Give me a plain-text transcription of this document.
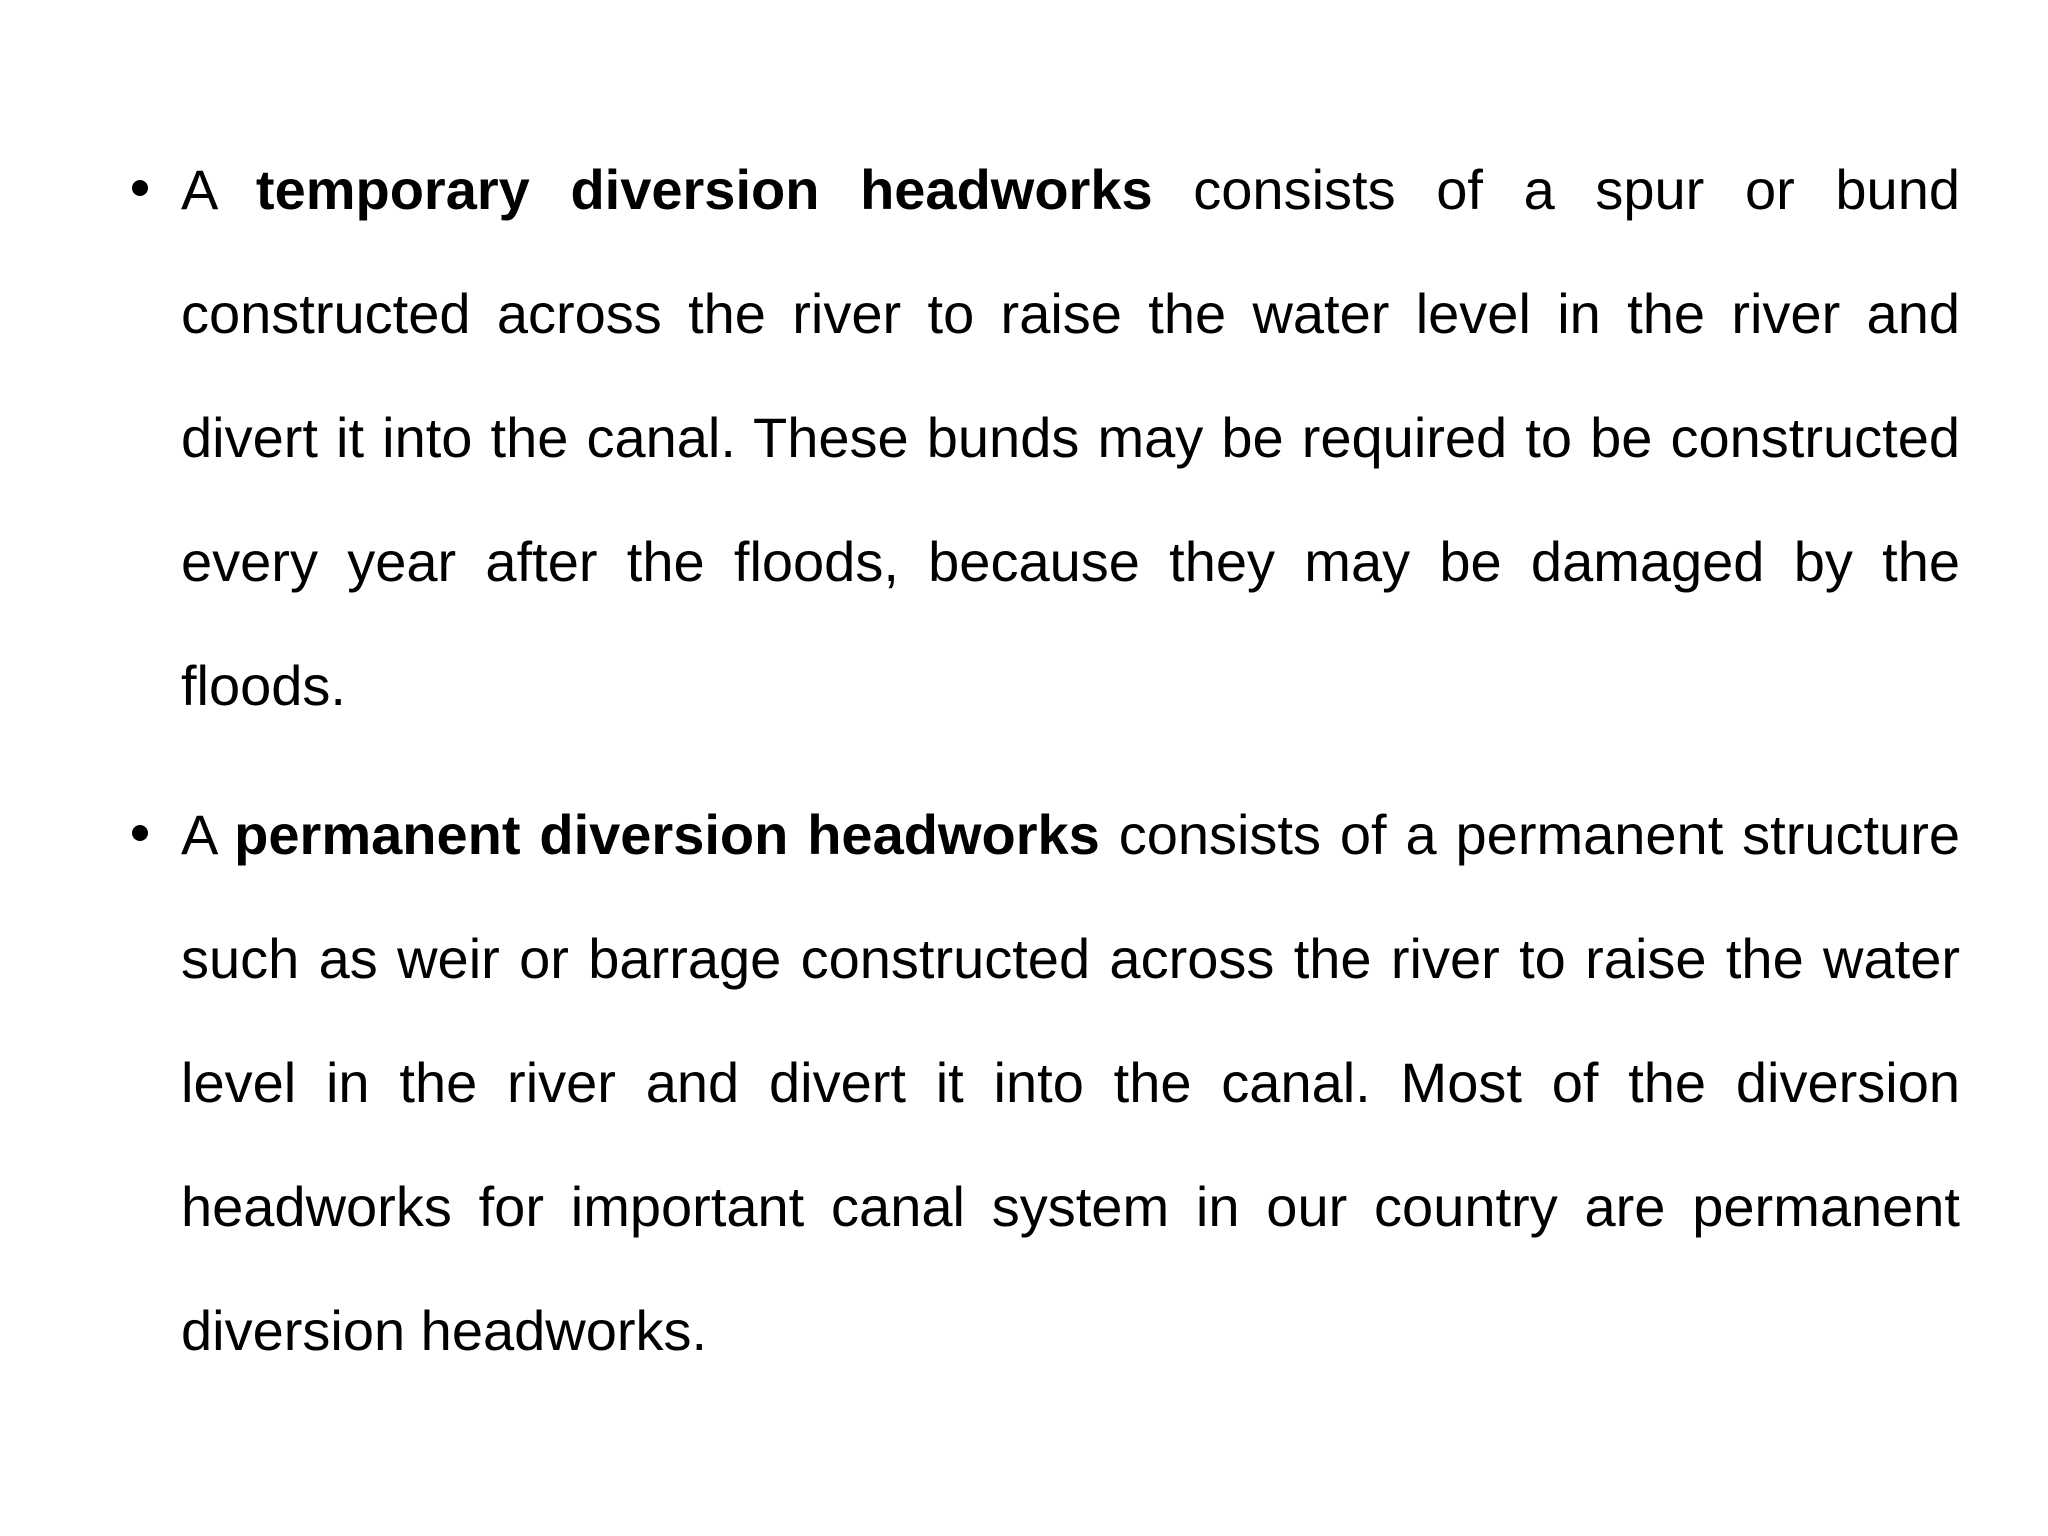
A temporary diversion headworks consists of a spur or bund constructed across the river to raise the water level in the river and divert it into the canal. These bunds may be required to be constructed every year after the floods, because they may be damaged by the floods.
A permanent diversion headworks consists of a permanent structure such as weir or barrage constructed across the river to raise the water level in the river and divert it into the canal. Most of the diversion headworks for important canal system in our country are permanent diversion headworks.
